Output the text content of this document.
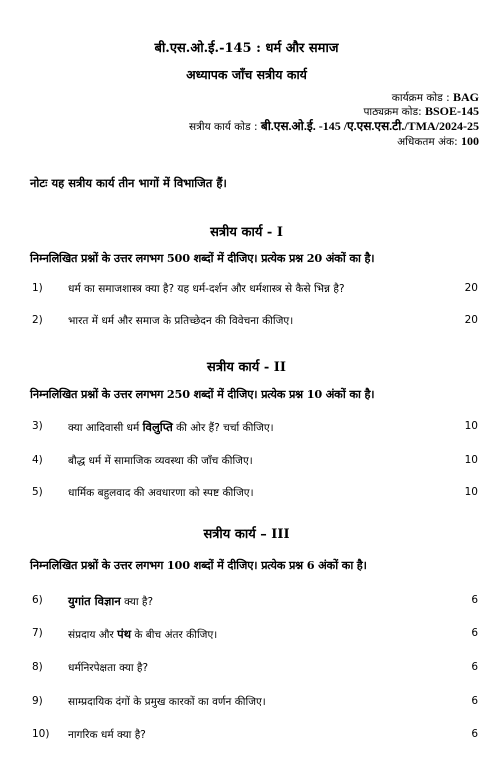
बी.एस.ओ.ई.-145 : धर्म और समाज
अध्यापक जाँच सत्रीय कार्य
कार्यक्रम कोड : BAG
पाठ्यक्रम कोड: BSOE-145
सत्रीय कार्य कोड : बी.एस.ओ.ई. -145 /ए.एस.एस.टी./TMA/2024-25
अधिकतम अंक: 100
नोटः यह सत्रीय कार्य तीन भागों में विभाजित हैं।
सत्रीय कार्य - I
निम्नलिखित प्रश्नों के उत्तर लगभग 500 शब्दों में दीजिए। प्रत्येक प्रश्न 20 अंकों का है।
1) धर्म का समाजशास्त्र क्या है? यह धर्म-दर्शन और धर्मशास्त्र से कैसे भिन्न है?	20
2) भारत में धर्म और समाज के प्रतिच्छेदन की विवेचना कीजिए।	20
सत्रीय कार्य - II
निम्नलिखित प्रश्नों के उत्तर लगभग 250 शब्दों में दीजिए। प्रत्येक प्रश्न 10 अंकों का है।
3) क्या आदिवासी धर्म विलुप्ति की ओर हैं? चर्चा कीजिए।	10
4) बौद्ध धर्म में सामाजिक व्यवस्था की जाँच कीजिए।	10
5) धार्मिक बहुलवाद की अवधारणा को स्पष्ट कीजिए।	10
सत्रीय कार्य – III
निम्नलिखित प्रश्नों के उत्तर लगभग 100 शब्दों में दीजिए। प्रत्येक प्रश्न 6 अंकों का है।
6) युगांत विज्ञान क्या है?	6
7) संप्रदाय और पंथ के बीच अंतर कीजिए।	6
8) धर्मनिरपेक्षता क्या है?	6
9) साम्प्रदायिक दंगों के प्रमुख कारकों का वर्णन कीजिए।	6
10) नागरिक धर्म क्या है?	6
